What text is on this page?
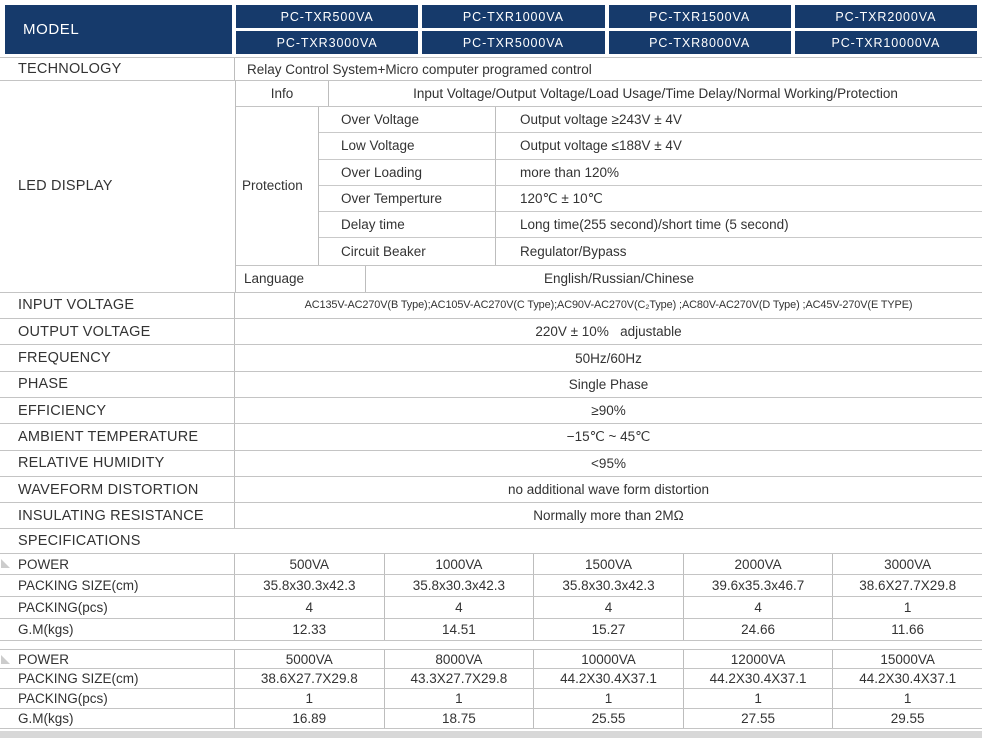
MODEL
PC-TXR500VA	PC-TXR1000VA	PC-TXR1500VA	PC-TXR2000VA
PC-TXR3000VA	PC-TXR5000VA	PC-TXR8000VA	PC-TXR10000VA
TECHNOLOGY	Relay Control System+Micro computer programed control
LED DISPLAY
Info	Input Voltage/Output Voltage/Load Usage/Time Delay/Normal Working/Protection
Protection
Over Voltage	Output voltage ≥243V ± 4V
Low Voltage	Output voltage ≤188V ± 4V
Over Loading	more than 120%
Over Temperture	120℃ ± 10℃
Delay time	Long time(255 second)/short time (5 second)
Circuit Beaker	Regulator/Bypass
Language	English/Russian/Chinese
INPUT VOLTAGE	AC135V-AC270V(B Type);AC105V-AC270V(C Type);AC90V-AC270V(C₂Type) ;AC80V-AC270V(D Type) ;AC45V-270V(E TYPE)
OUTPUT VOLTAGE	220V ± 10%   adjustable
FREQUENCY	50Hz/60Hz
PHASE	Single Phase
EFFICIENCY	≥90%
AMBIENT TEMPERATURE	−15℃ ~ 45℃
RELATIVE HUMIDITY	<95%
WAVEFORM DISTORTION	no additional wave form distortion
INSULATING RESISTANCE	Normally more than 2MΩ
SPECIFICATIONS
POWER	500VA	1000VA	1500VA	2000VA	3000VA
PACKING SIZE(cm)	35.8x30.3x42.3	35.8x30.3x42.3	35.8x30.3x42.3	39.6x35.3x46.7	38.6X27.7X29.8
PACKING(pcs)	4	4	4	4	1
G.M(kgs)	12.33	14.51	15.27	24.66	11.66
POWER	5000VA	8000VA	10000VA	12000VA	15000VA
PACKING SIZE(cm)	38.6X27.7X29.8	43.3X27.7X29.8	44.2X30.4X37.1	44.2X30.4X37.1	44.2X30.4X37.1
PACKING(pcs)	1	1	1	1	1
G.M(kgs)	16.89	18.75	25.55	27.55	29.55
